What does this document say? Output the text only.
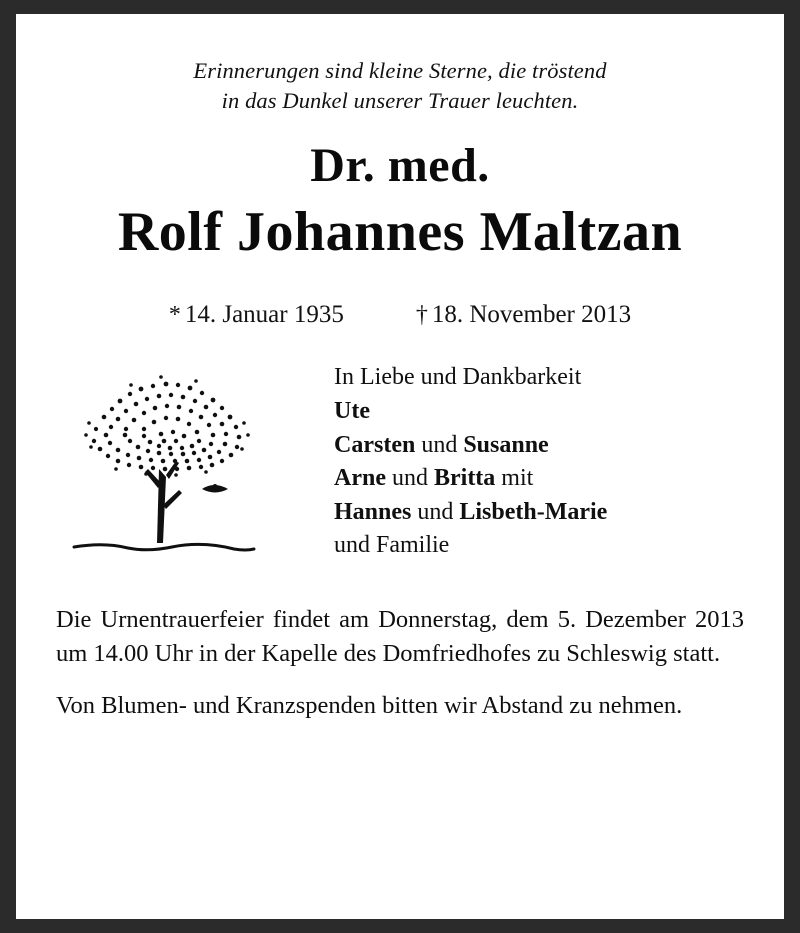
Erinnerungen sind kleine Sterne, die tröstend
in das Dunkel unserer Trauer leuchten.
Dr. med.
Rolf Johannes Maltzan
* 14. Januar 1935	† 18. November 2013
In Liebe und Dankbarkeit
Ute
Carsten und Susanne
Arne und Britta mit
Hannes und Lisbeth-Marie
und Familie

Die Urnentrauerfeier findet am Donnerstag, dem 5. Dezember 2013 um 14.00 Uhr in der Kapelle des Domfriedhofes zu Schleswig statt.

Von Blumen- und Kranzspenden bitten wir Abstand zu nehmen.
